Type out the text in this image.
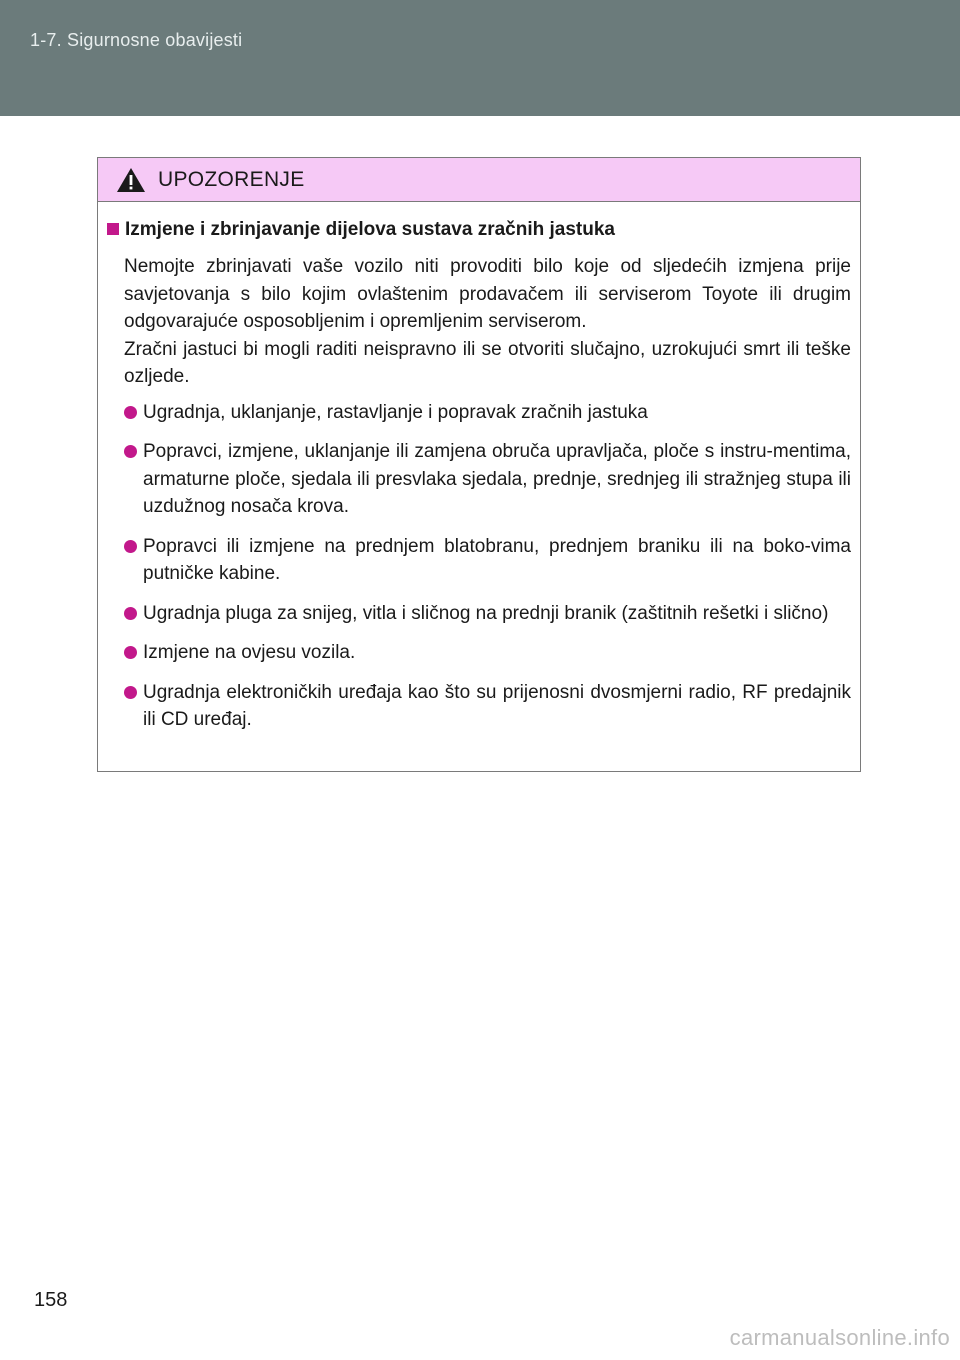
1-7. Sigurnosne obavijesti
UPOZORENJE
Izmjene i zbrinjavanje dijelova sustava zračnih jastuka

Nemojte zbrinjavati vaše vozilo niti provoditi bilo koje od sljedećih izmjena prije savjetovanja s bilo kojim ovlaštenim prodavačem ili serviserom Toyote ili drugim odgovarajuće osposobljenim i opremljenim serviserom.

Zračni jastuci bi mogli raditi neispravno ili se otvoriti slučajno, uzrokujući smrt ili teške ozljede.

Ugradnja, uklanjanje, rastavljanje i popravak zračnih jastuka
Popravci, izmjene, uklanjanje ili zamjena obruča upravljača, ploče s instru-mentima, armaturne ploče, sjedala ili presvlaka sjedala, prednje, srednjeg ili stražnjeg stupa ili uzdužnog nosača krova.
Popravci ili izmjene na prednjem blatobranu, prednjem braniku ili na boko-vima putničke kabine.
Ugradnja pluga za snijeg, vitla i sličnog na prednji branik (zaštitnih rešetki i slično)
Izmjene na ovjesu vozila.
Ugradnja elektroničkih uređaja kao što su prijenosni dvosmjerni radio, RF predajnik ili CD uređaj.
158
carmanualsonline.info
